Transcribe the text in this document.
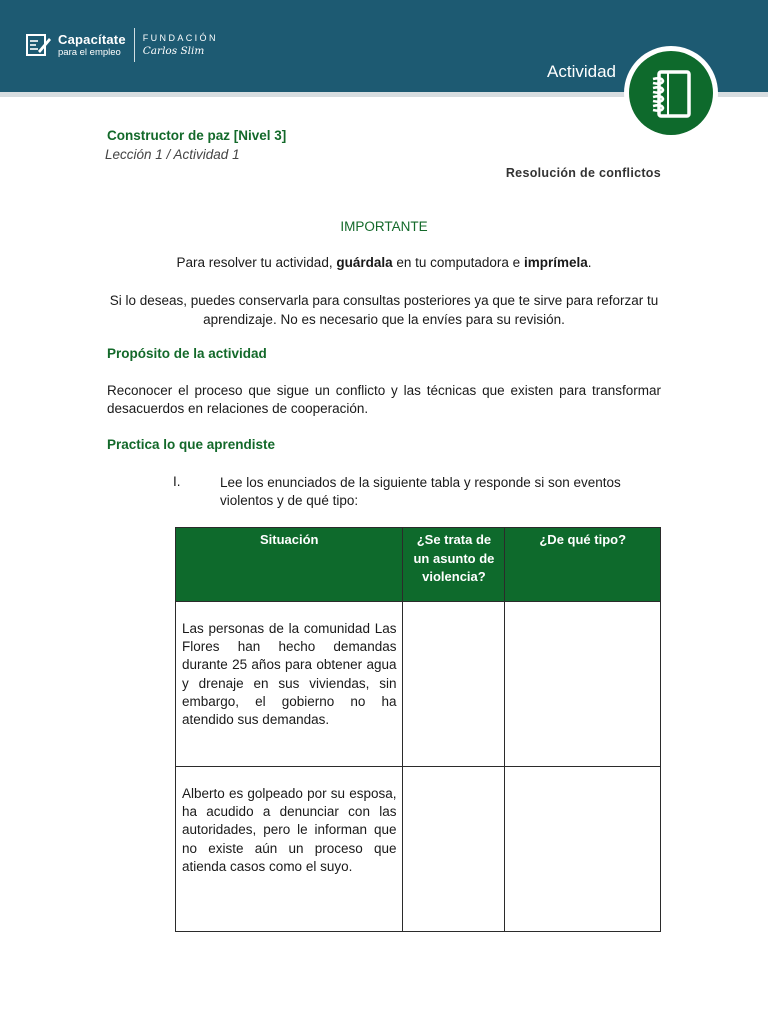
Capacítate
para el empleo
FUNDACIÓN
Carlos Slim
Actividad
Constructor de paz [Nivel 3]
Lección 1 / Actividad 1
Resolución de conflictos
IMPORTANTE
Para resolver tu actividad, guárdala en tu computadora e imprímela.
Si lo deseas, puedes conservarla para consultas posteriores ya que te sirve para reforzar tu aprendizaje. No es necesario que la envíes para su revisión.
Propósito de la actividad
Reconocer el proceso que sigue un conflicto y las técnicas que existen para transformar desacuerdos en relaciones de cooperación.
Practica lo que aprendiste
I.	Lee los enunciados de la siguiente tabla y responde si son eventos violentos y de qué tipo:
Situación	¿Se trata de un asunto de violencia?	¿De qué tipo?
Las personas de la comunidad Las Flores han hecho demandas durante 25 años para obtener agua y drenaje en sus viviendas, sin embargo, el gobierno no ha atendido sus demandas.		
Alberto es golpeado por su esposa, ha acudido a denunciar con las autoridades, pero le informan que no existe aún un proceso que atienda casos como el suyo.		
